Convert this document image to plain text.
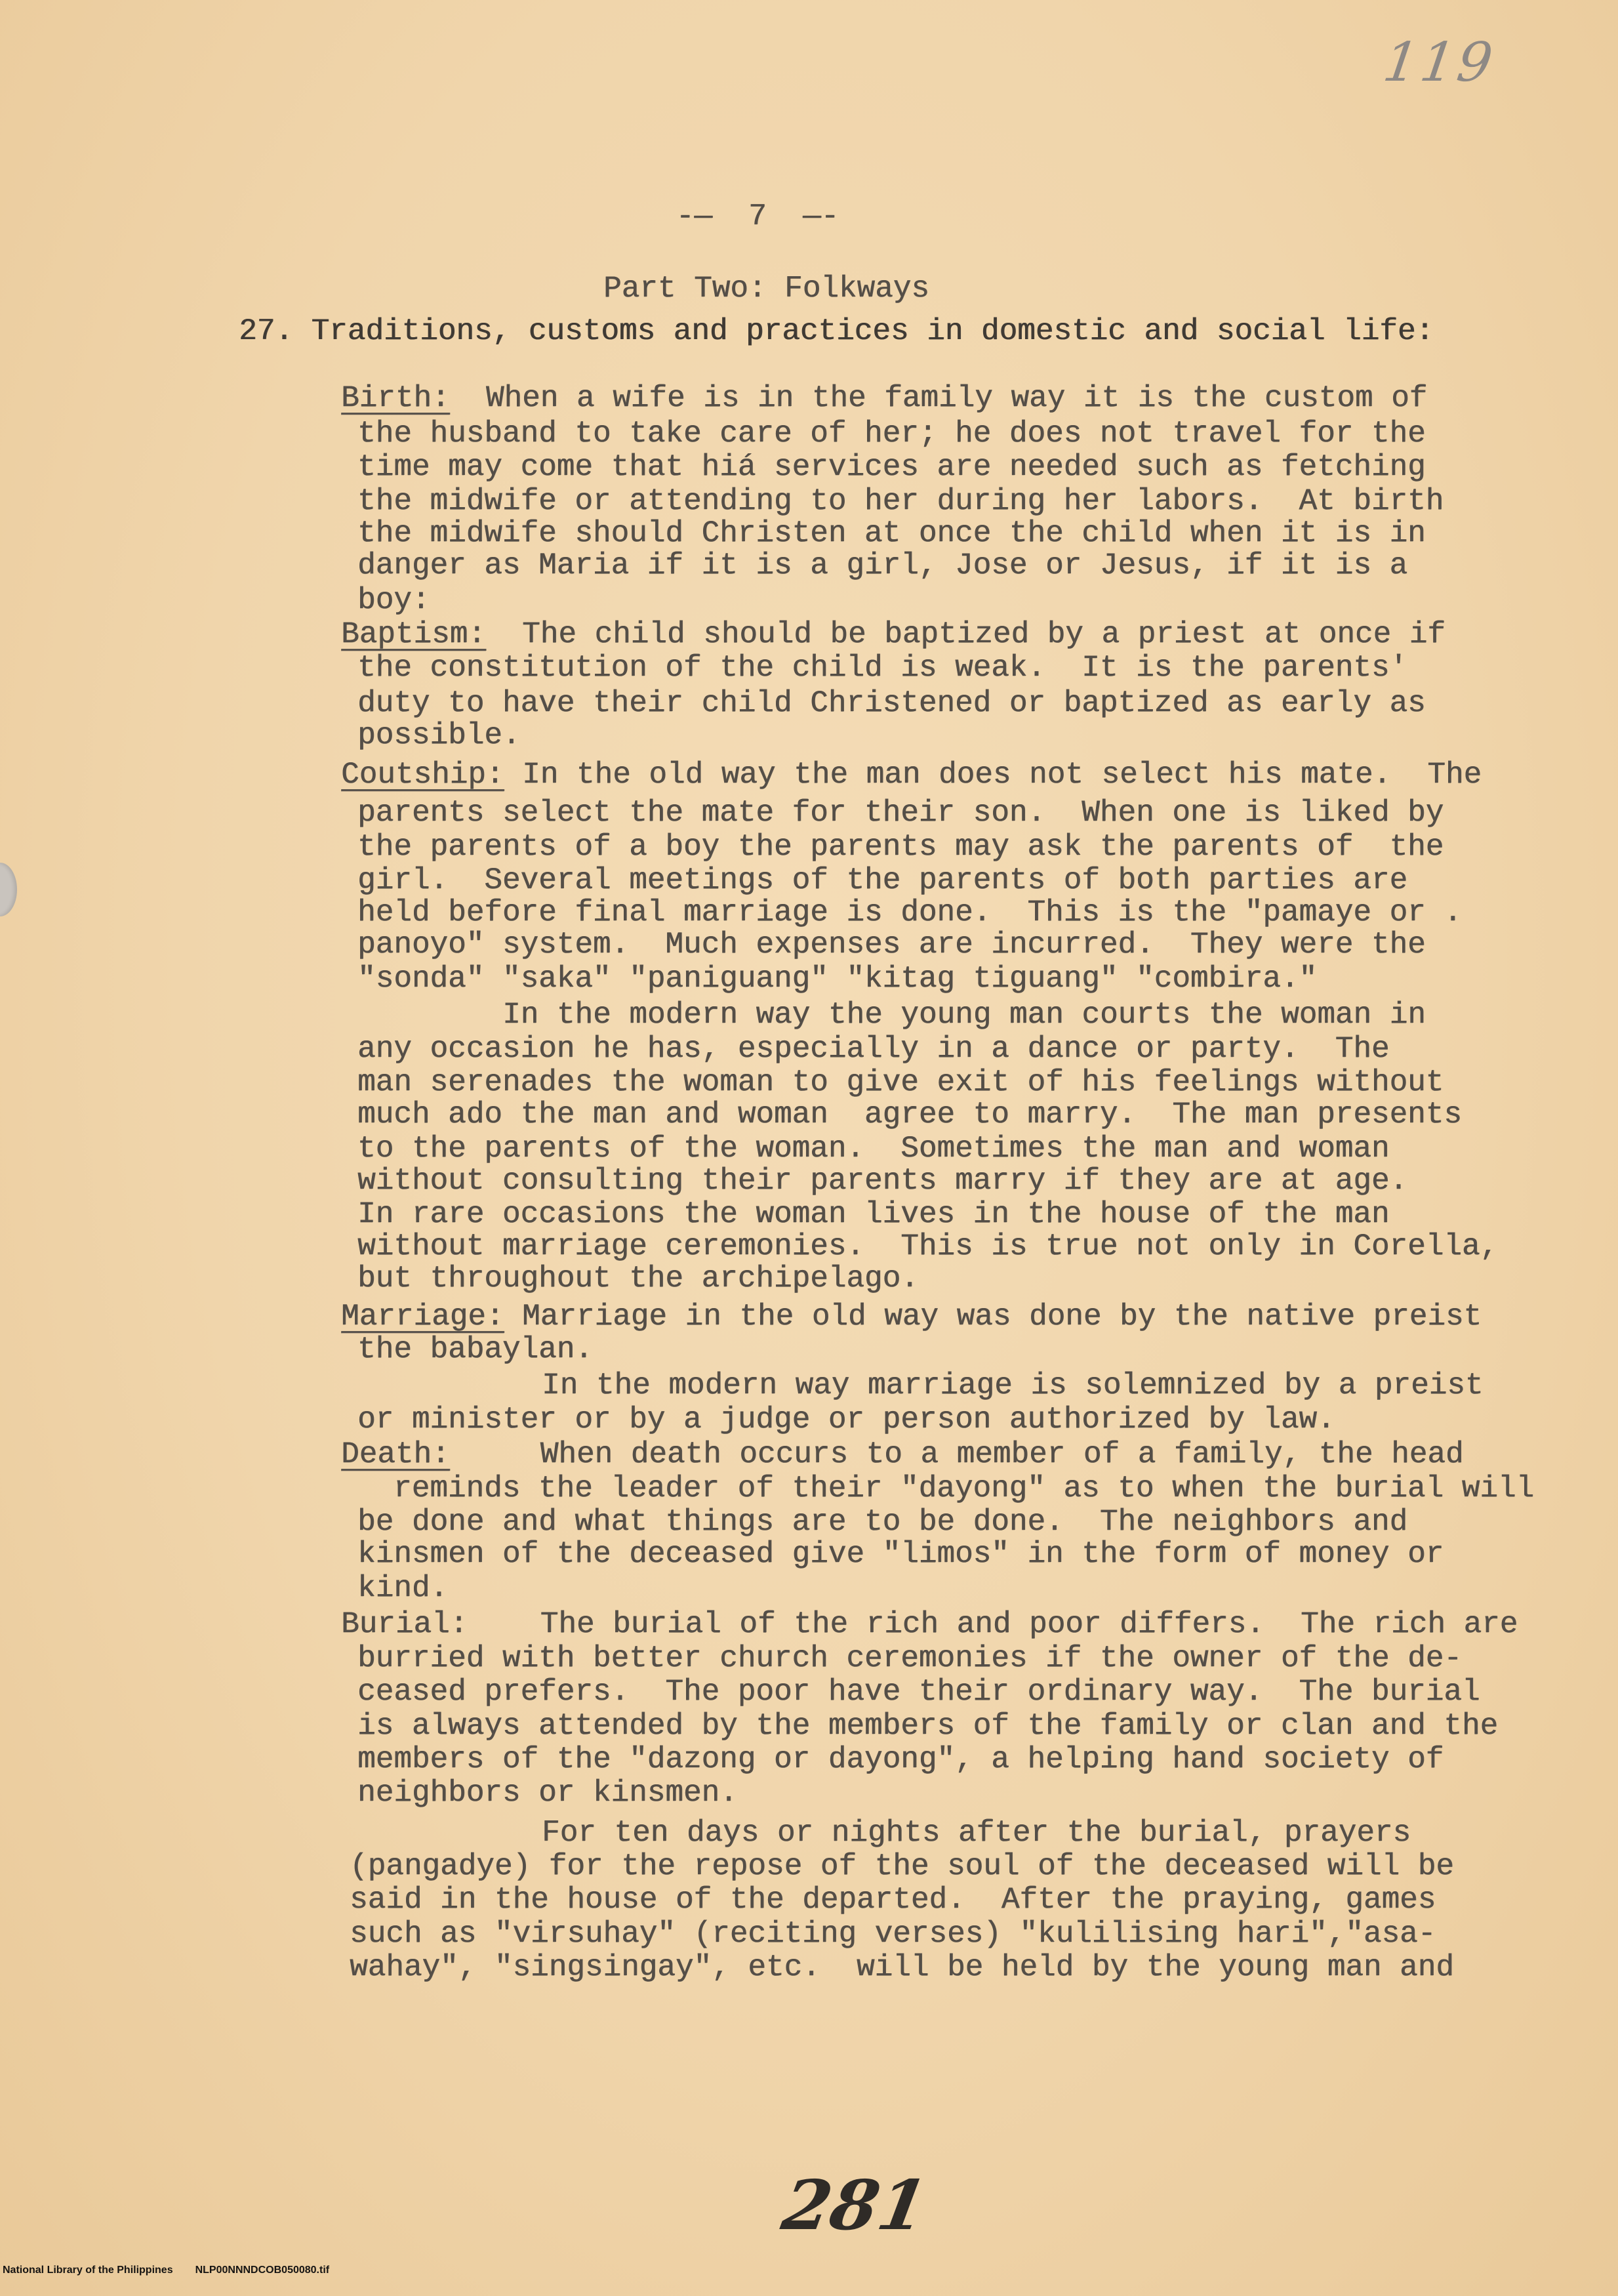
119
-—  7  —-
Part Two: Folkways
27. Traditions, customs and practices in domestic and social life:
Birth: When a wife is in the family way it is the custom of
the husband to take care of her; he does not travel for the
time may come that hiá services are needed such as fetching
the midwife or attending to her during her labors.  At birth
the midwife should Christen at once the child when it is in
danger as Maria if it is a girl, Jose or Jesus, if it is a
boy:
Baptism: The child should be baptized by a priest at once if
the constitution of the child is weak.  It is the parents'
duty to have their child Christened or baptized as early as
possible.
Coutship: In the old way the man does not select his mate.  The
parents select the mate for their son.  When one is liked by
the parents of a boy the parents may ask the parents of  the
girl.  Several meetings of the parents of both parties are
held before final marriage is done.  This is the "pamaye or .
panoyo" system.  Much expenses are incurred.  They were the
"sonda" "saka" "paniguang" "kitag tiguang" "combira."
In the modern way the young man courts the woman in
any occasion he has, especially in a dance or party.  The
man serenades the woman to give exit of his feelings without
much ado the man and woman  agree to marry.  The man presents
to the parents of the woman.  Sometimes the man and woman
without consulting their parents marry if they are at age.
In rare occasions the woman lives in the house of the man
without marriage ceremonies.  This is true not only in Corella,
but throughout the archipelago.
Marriage: Marriage in the old way was done by the native preist
the babaylan.
In the modern way marriage is solemnized by a preist
or minister or by a judge or person authorized by law.
Death:	When death occurs to a member of a family, the head
reminds the leader of their "dayong" as to when the burial will
be done and what things are to be done.  The neighbors and
kinsmen of the deceased give "limos" in the form of money or
kind.
Burial: The burial of the rich and poor differs.  The rich are
burried with better church ceremonies if the owner of the de-
ceased prefers.  The poor have their ordinary way.  The burial
is always attended by the members of the family or clan and the
members of the "dazong or dayong", a helping hand society of
neighbors or kinsmen.
For ten days or nights after the burial, prayers
(pangadye) for the repose of the soul of the deceased will be
said in the house of the departed.  After the praying, games
such as "virsuhay" (reciting verses) "kulilising hari","asa-
wahay", "singsingay", etc.  will be held by the young man and
281
National Library of the Philippines NLP00NNNDCOB050080.tif
